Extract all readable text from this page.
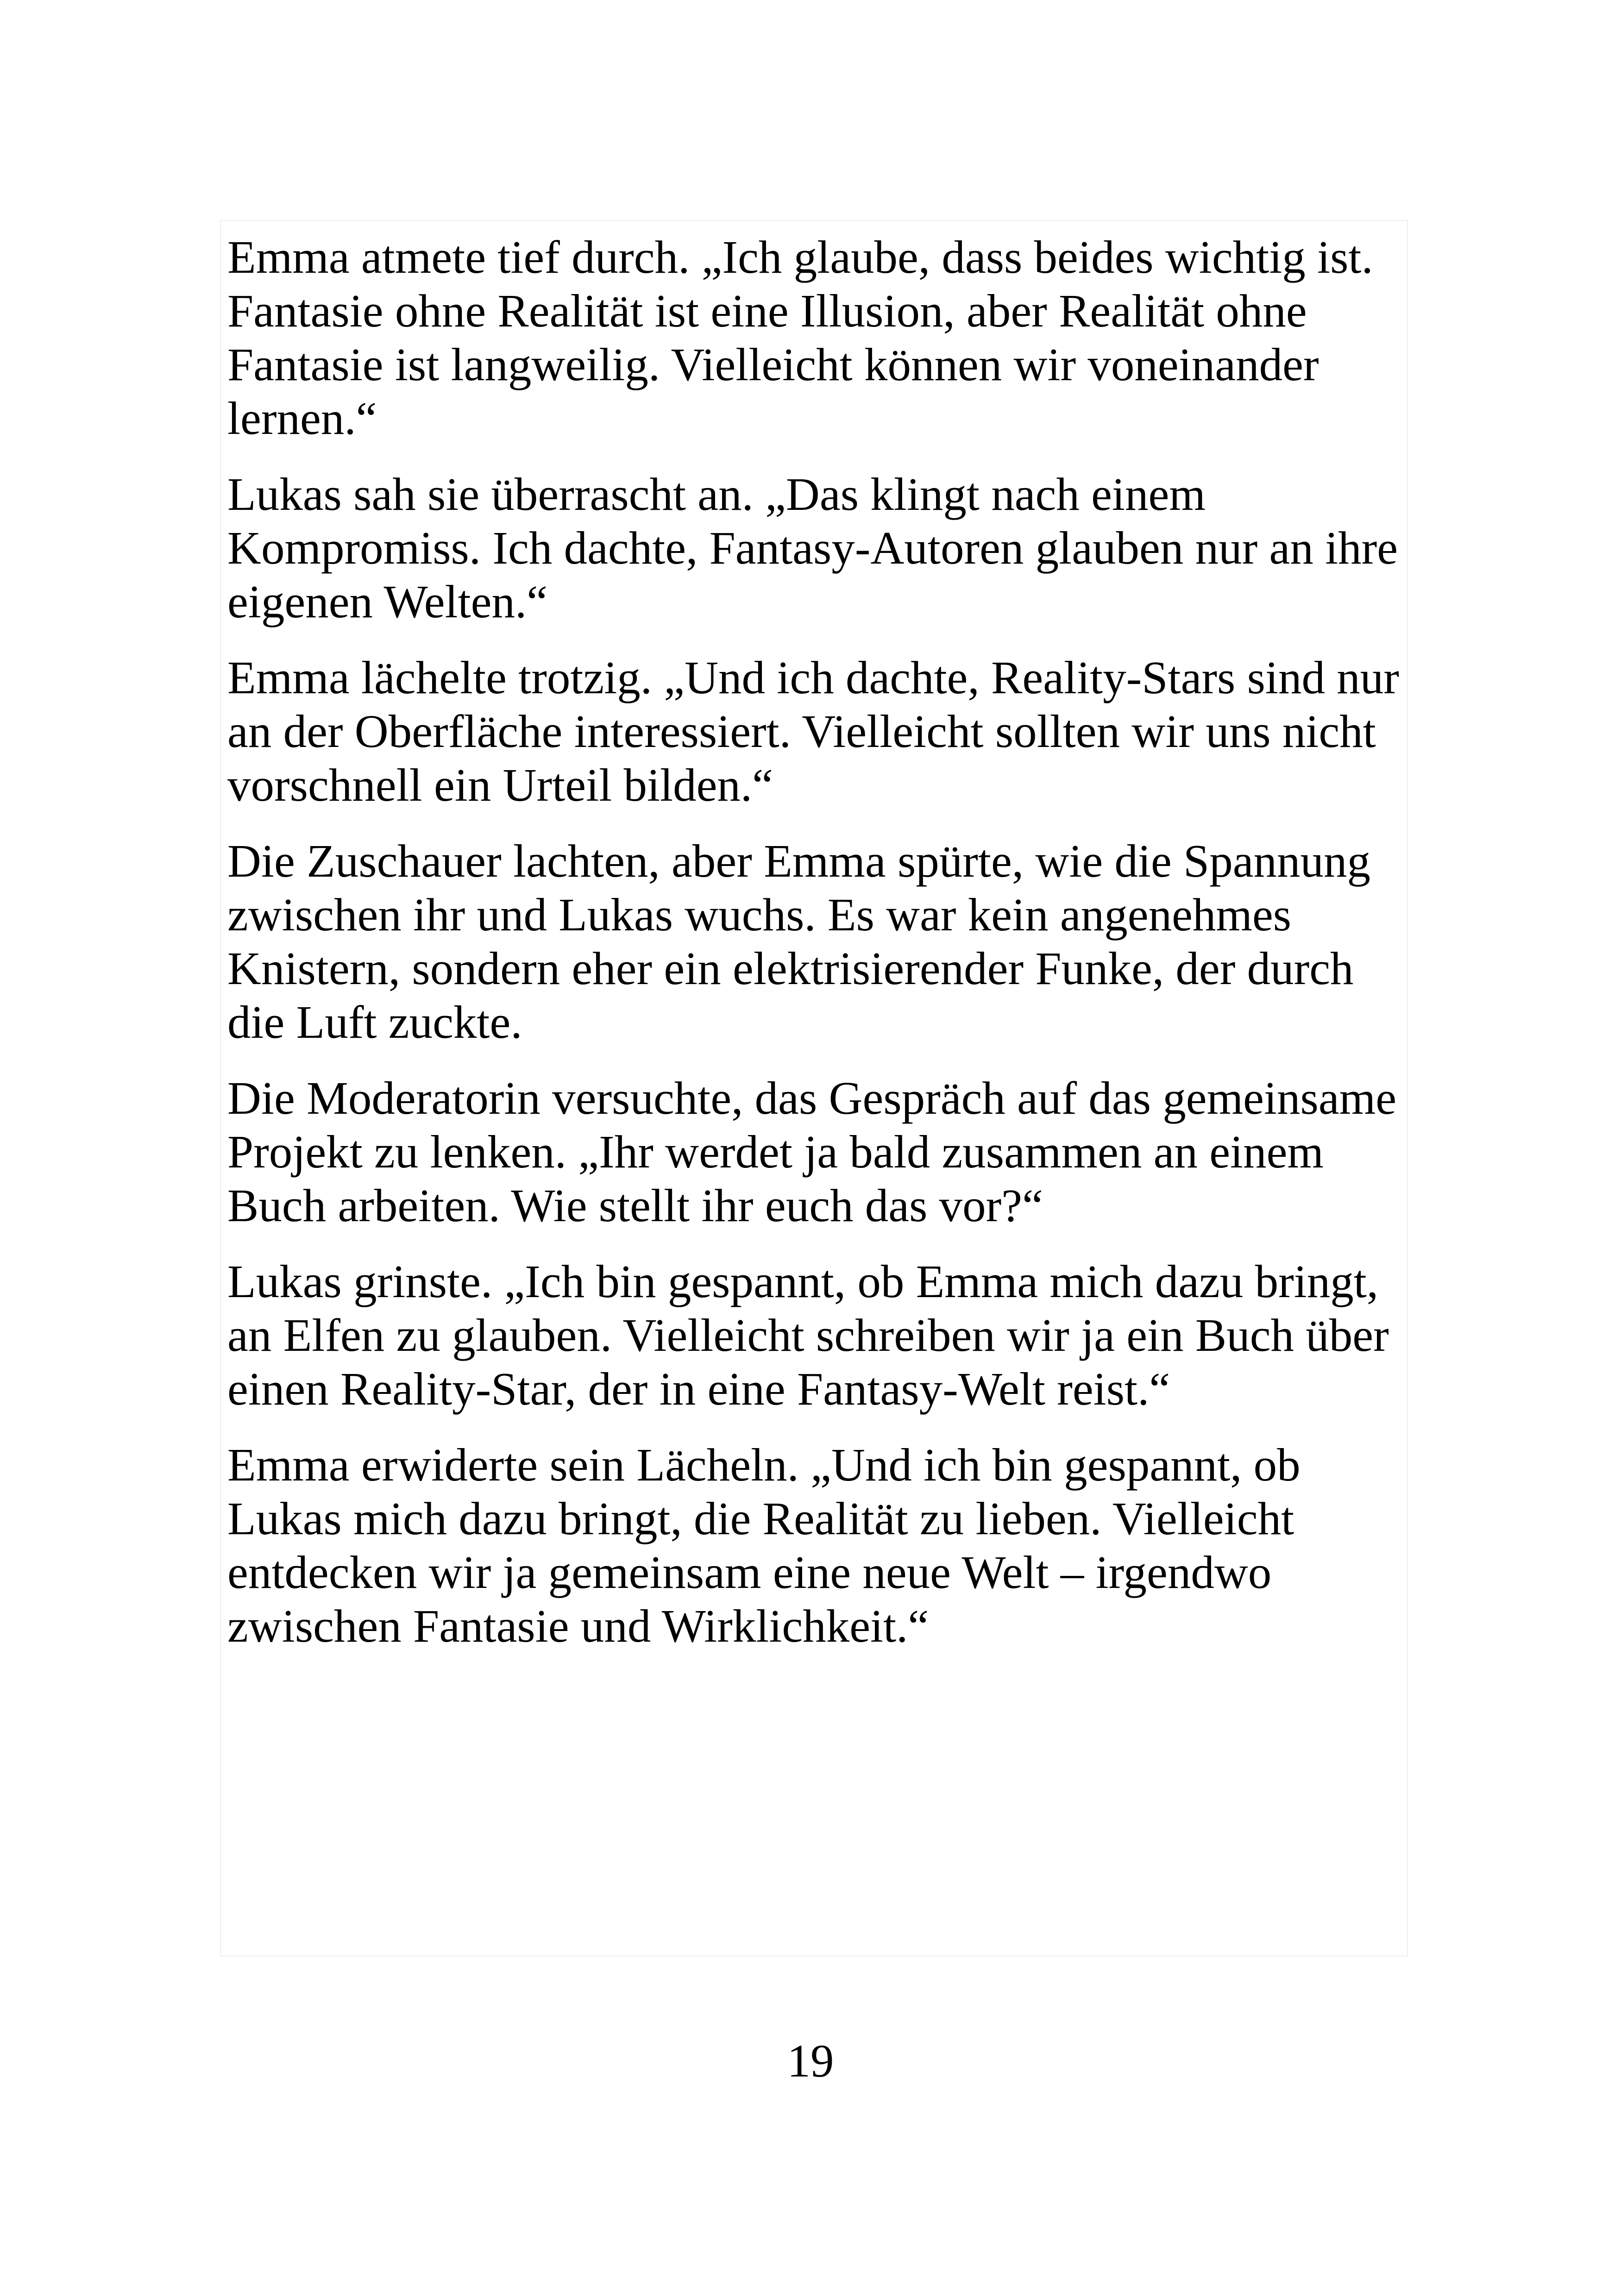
Emma atmete tief durch. „Ich glaube, dass beides wichtig ist.
Fantasie ohne Realität ist eine Illusion, aber Realität ohne
Fantasie ist langweilig. Vielleicht können wir voneinander
lernen.“

Lukas sah sie überrascht an. „Das klingt nach einem
Kompromiss. Ich dachte, Fantasy-Autoren glauben nur an ihre
eigenen Welten.“

Emma lächelte trotzig. „Und ich dachte, Reality-Stars sind nur
an der Oberfläche interessiert. Vielleicht sollten wir uns nicht
vorschnell ein Urteil bilden.“

Die Zuschauer lachten, aber Emma spürte, wie die Spannung
zwischen ihr und Lukas wuchs. Es war kein angenehmes
Knistern, sondern eher ein elektrisierender Funke, der durch
die Luft zuckte.

Die Moderatorin versuchte, das Gespräch auf das gemeinsame
Projekt zu lenken. „Ihr werdet ja bald zusammen an einem
Buch arbeiten. Wie stellt ihr euch das vor?“

Lukas grinste. „Ich bin gespannt, ob Emma mich dazu bringt,
an Elfen zu glauben. Vielleicht schreiben wir ja ein Buch über
einen Reality-Star, der in eine Fantasy-Welt reist.“

Emma erwiderte sein Lächeln. „Und ich bin gespannt, ob
Lukas mich dazu bringt, die Realität zu lieben. Vielleicht
entdecken wir ja gemeinsam eine neue Welt – irgendwo
zwischen Fantasie und Wirklichkeit.“

19
